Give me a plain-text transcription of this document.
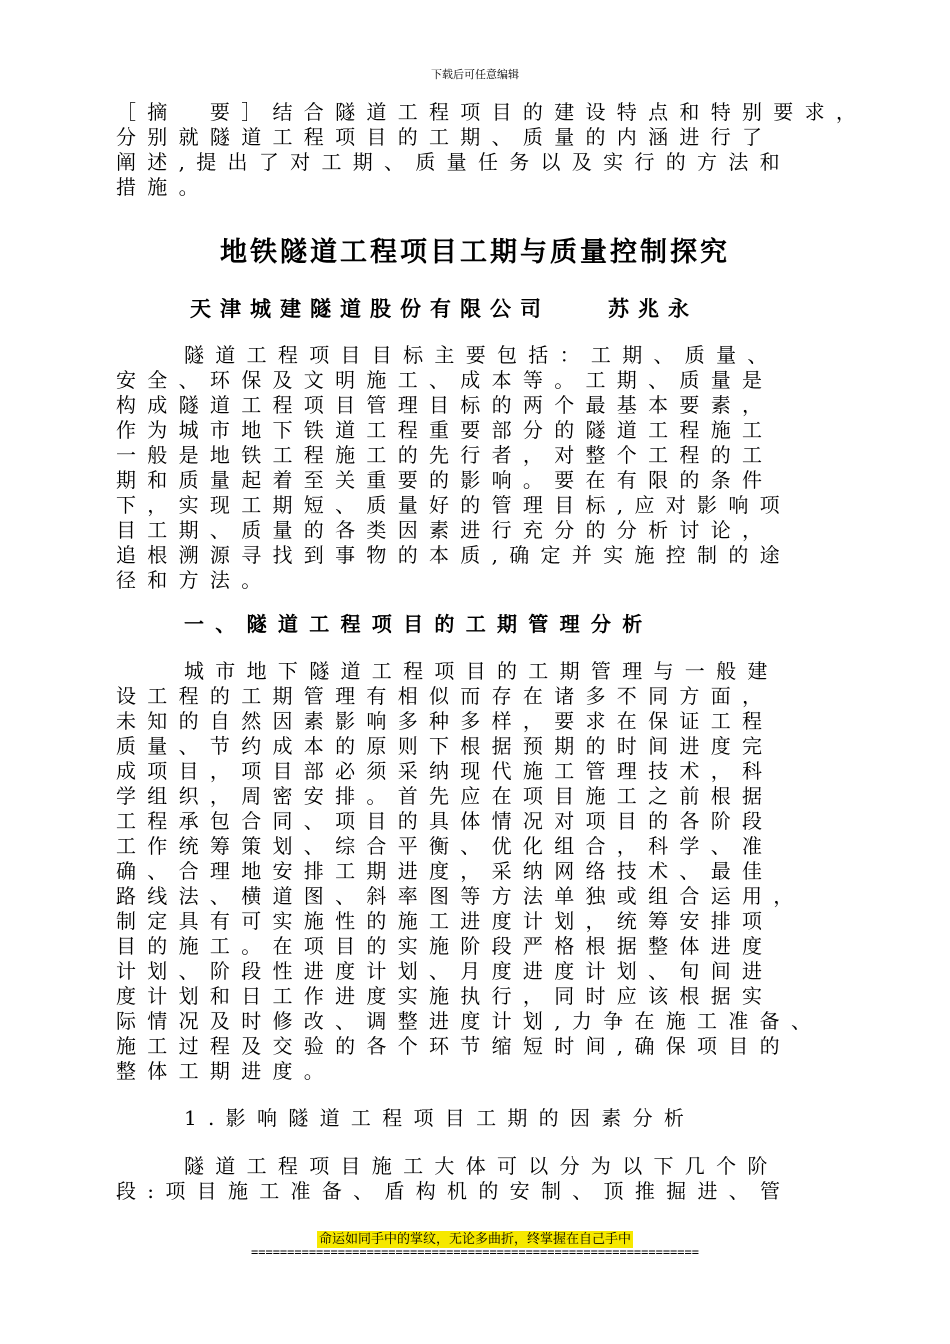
下载后可任意编辑
［摘　要］结合隧道工程项目的建设特点和特别要求，
分别就隧道工程项目的工期、质量的内涵进行了
阐述,提出了对工期、质量任务以及实行的方法和
措施。
地铁隧道工程项目工期与质量控制探究
天津城建隧道股份有限公司	苏兆永
隧道工程项目目标主要包括：工期、质量、
安全、环保及文明施工、成本等。工期、质量是
构成隧道工程项目管理目标的两个最基本要素，
作为城市地下铁道工程重要部分的隧道工程施工
一般是地铁工程施工的先行者，对整个工程的工
期和质量起着至关重要的影响。要在有限的条件
下，实现工期短、质量好的管理目标,应对影响项
目工期、质量的各类因素进行充分的分析讨论，
追根溯源寻找到事物的本质,确定并实施控制的途
径和方法。
一、隧道工程项目的工期管理分析
城市地下隧道工程项目的工期管理与一般建
设工程的工期管理有相似而存在诸多不同方面，
未知的自然因素影响多种多样，要求在保证工程
质量、节约成本的原则下根据预期的时间进度完
成项目，项目部必须采纳现代施工管理技术，科
学组织，周密安排。首先应在项目施工之前根据
工程承包合同、项目的具体情况对项目的各阶段
工作统筹策划、综合平衡、优化组合，科学、准
确、合理地安排工期进度，采纳网络技术、最佳
路线法、横道图、斜率图等方法单独或组合运用，
制定具有可实施性的施工进度计划，统筹安排项
目的施工。在项目的实施阶段严格根据整体进度
计划、阶段性进度计划、月度进度计划、旬间进
度计划和日工作进度实施执行，同时应该根据实
际情况及时修改、调整进度计划,力争在施工准备、
施工过程及交验的各个环节缩短时间,确保项目的
整体工期进度。
1.影响隧道工程项目工期的因素分析
隧道工程项目施工大体可以分为以下几个阶
段:项目施工准备、盾构机的安制、顶推掘进、管
命运如同手中的掌纹，无论多曲折，终掌握在自己手中
==============================================================
